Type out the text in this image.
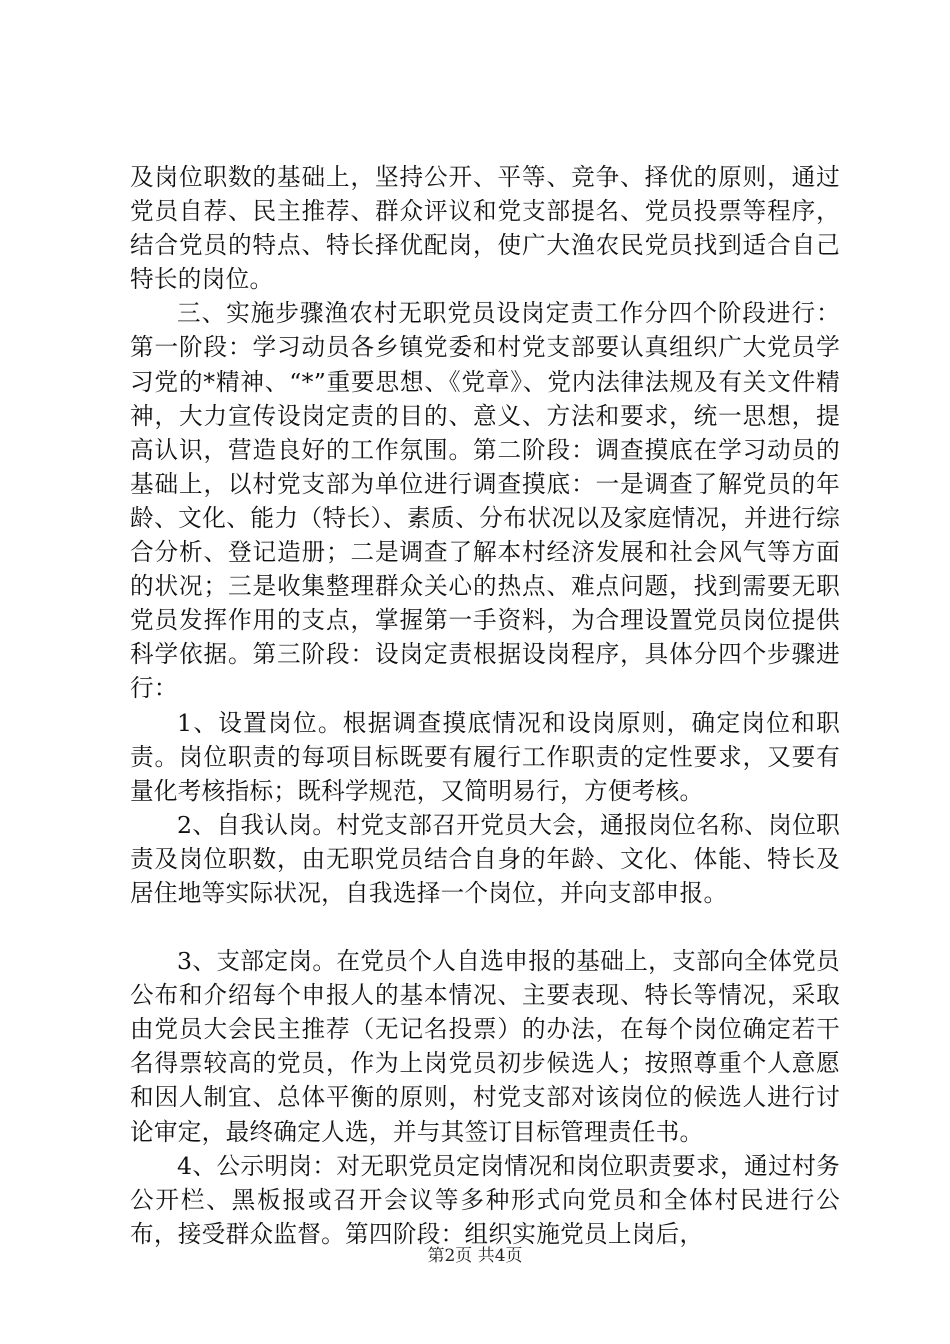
及岗位职数的基础上，坚持公开、平等、竞争、择优的原则，通过党员自荐、民主推荐、群众评议和党支部提名、党员投票等程序，结合党员的特点、特长择优配岗，使广大渔农民党员找到适合自己特长的岗位。

三、实施步骤渔农村无职党员设岗定责工作分四个阶段进行：第一阶段：学习动员各乡镇党委和村党支部要认真组织广大党员学习党的*精神、“*”重要思想、《党章》、党内法律法规及有关文件精神，大力宣传设岗定责的目的、意义、方法和要求，统一思想，提高认识，营造良好的工作氛围。第二阶段：调查摸底在学习动员的基础上，以村党支部为单位进行调查摸底：一是调查了解党员的年龄、文化、能力（特长）、素质、分布状况以及家庭情况，并进行综合分析、登记造册；二是调查了解本村经济发展和社会风气等方面的状况；三是收集整理群众关心的热点、难点问题，找到需要无职党员发挥作用的支点，掌握第一手资料，为合理设置党员岗位提供科学依据。第三阶段：设岗定责根据设岗程序，具体分四个步骤进行：

1、设置岗位。根据调查摸底情况和设岗原则，确定岗位和职责。岗位职责的每项目标既要有履行工作职责的定性要求，又要有量化考核指标；既科学规范，又简明易行，方便考核。

2、自我认岗。村党支部召开党员大会，通报岗位名称、岗位职责及岗位职数，由无职党员结合自身的年龄、文化、体能、特长及居住地等实际状况，自我选择一个岗位，并向支部申报。

3、支部定岗。在党员个人自选申报的基础上，支部向全体党员公布和介绍每个申报人的基本情况、主要表现、特长等情况，采取由党员大会民主推荐（无记名投票）的办法，在每个岗位确定若干名得票较高的党员，作为上岗党员初步候选人；按照尊重个人意愿和因人制宜、总体平衡的原则，村党支部对该岗位的候选人进行讨论审定，最终确定人选，并与其签订目标管理责任书。

4、公示明岗：对无职党员定岗情况和岗位职责要求，通过村务公开栏、黑板报或召开会议等多种形式向党员和全体村民进行公布，接受群众监督。第四阶段：组织实施党员上岗后，

第2页 共4页
